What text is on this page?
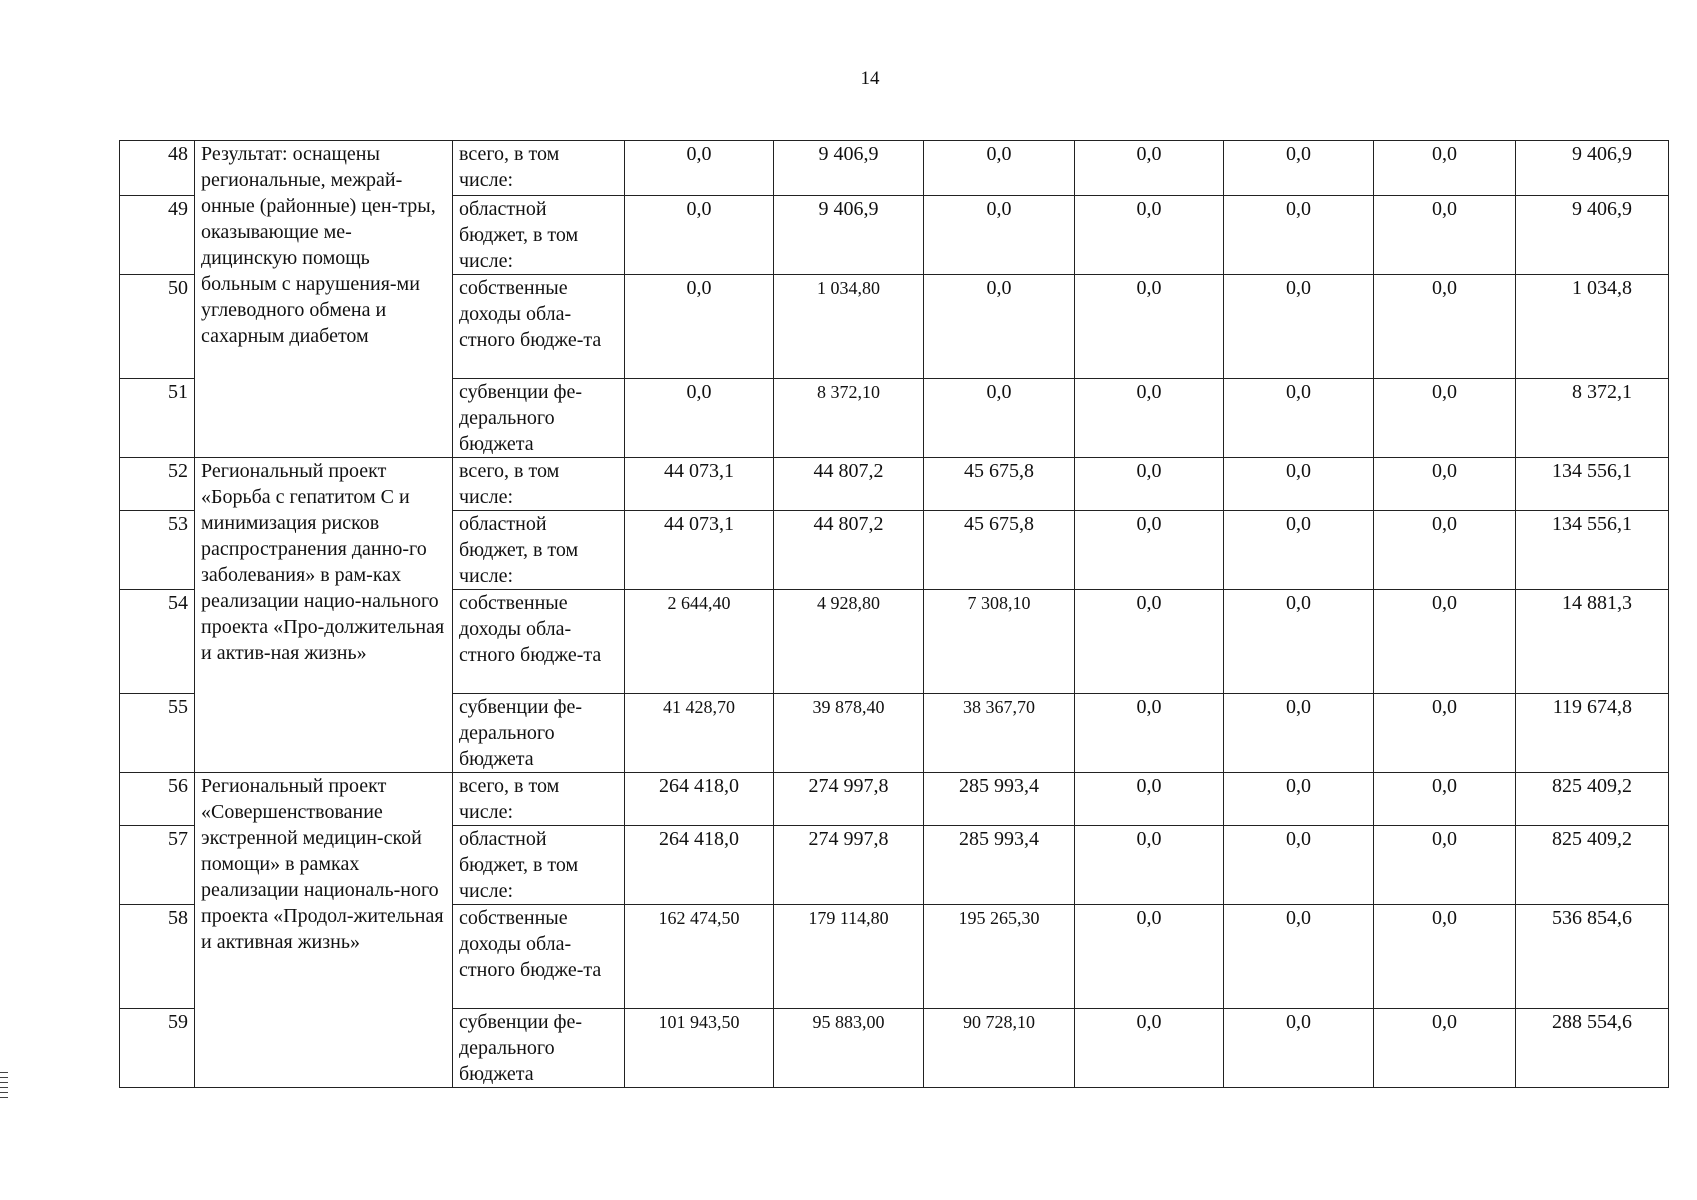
14
48	Результат: оснащены региональные, межрай-онные (районные) цен-тры, оказывающие ме-дицинскую помощь больным с нарушения-ми углеводного обмена и сахарным диабетом	всего, в том числе:	0,0	9 406,9	0,0	0,0	0,0	0,0	9 406,9
49		областной бюджет, в том числе:	0,0	9 406,9	0,0	0,0	0,0	0,0	9 406,9
50		собственные доходы обла-стного бюдже-та	0,0	1 034,80	0,0	0,0	0,0	0,0	1 034,8
51		субвенции фе-дерального бюджета	0,0	8 372,10	0,0	0,0	0,0	0,0	8 372,1
52	Региональный проект «Борьба с гепатитом С и минимизация рисков распространения данно-го заболевания» в рам-ках реализации нацио-нального проекта «Про-должительная и актив-ная жизнь»	всего, в том числе:	44 073,1	44 807,2	45 675,8	0,0	0,0	0,0	134 556,1
53		областной бюджет, в том числе:	44 073,1	44 807,2	45 675,8	0,0	0,0	0,0	134 556,1
54		собственные доходы обла-стного бюдже-та	2 644,40	4 928,80	7 308,10	0,0	0,0	0,0	14 881,3
55		субвенции фе-дерального бюджета	41 428,70	39 878,40	38 367,70	0,0	0,0	0,0	119 674,8
56	Региональный проект «Совершенствование экстренной медицин-ской помощи» в рамках реализации националь-ного проекта «Продол-жительная и активная жизнь»	всего, в том числе:	264 418,0	274 997,8	285 993,4	0,0	0,0	0,0	825 409,2
57		областной бюджет, в том числе:	264 418,0	274 997,8	285 993,4	0,0	0,0	0,0	825 409,2
58		собственные доходы обла-стного бюдже-та	162 474,50	179 114,80	195 265,30	0,0	0,0	0,0	536 854,6
59		субвенции фе-дерального бюджета	101 943,50	95 883,00	90 728,10	0,0	0,0	0,0	288 554,6
